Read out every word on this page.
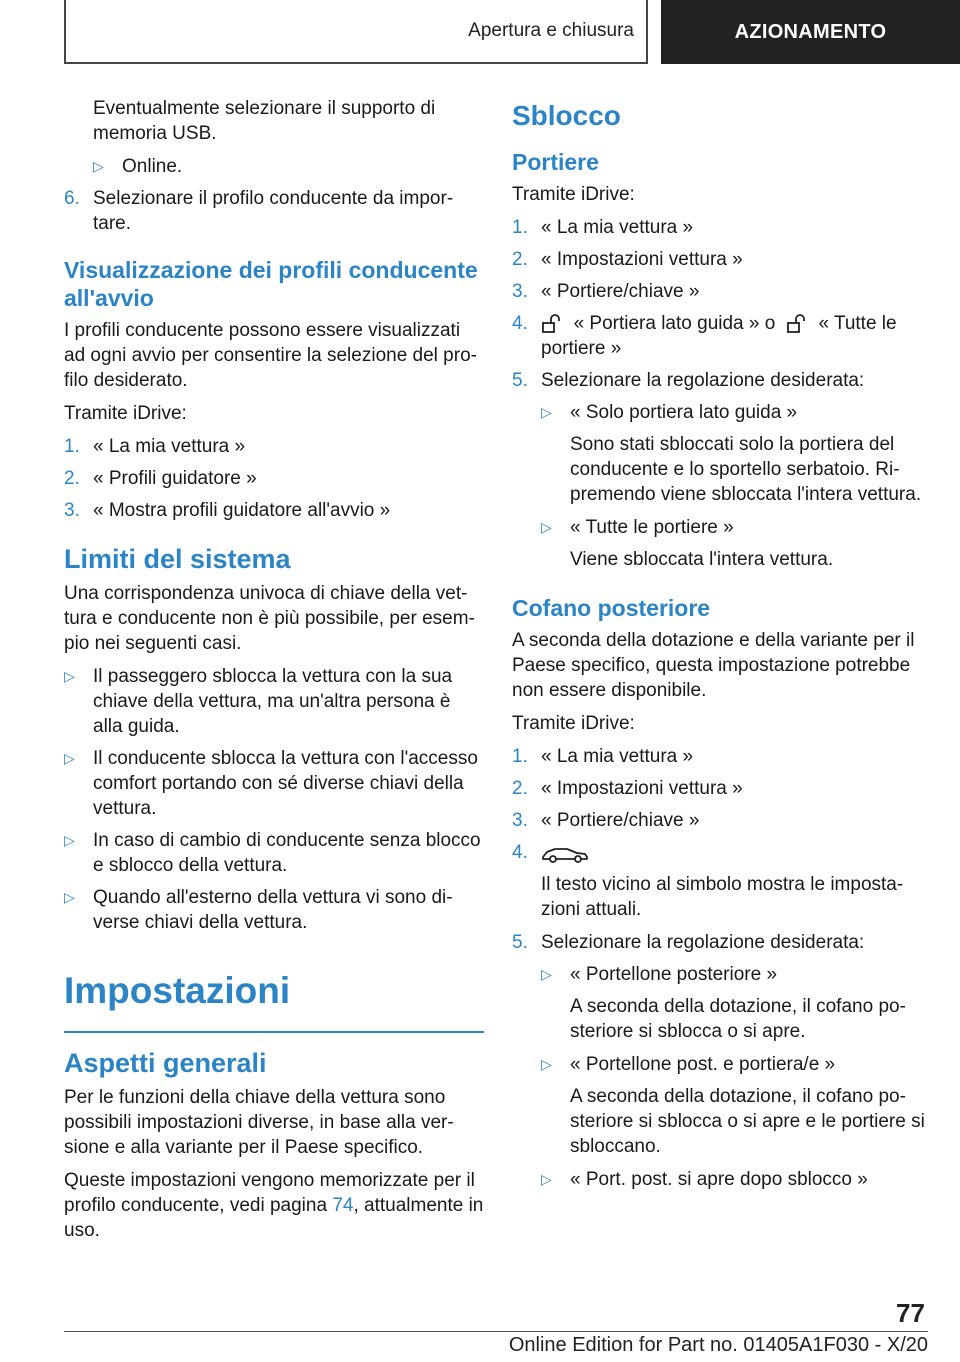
Apertura e chiusura	AZIONAMENTO

Eventualmente selezionare il supporto di memoria USB.

▷ Online.
6. Selezionare il profilo conducente da impor-tare.
Visualizzazione dei profili conducente all'avvio

I profili conducente possono essere visualizzati ad ogni avvio per consentire la selezione del pro-filo desiderato.

Tramite iDrive:

1. « La mia vettura »
2. « Profili guidatore »
3. « Mostra profili guidatore all'avvio »
Limiti del sistema

Una corrispondenza univoca di chiave della vet-tura e conducente non è più possibile, per esem-pio nei seguenti casi.

▷ Il passeggero sblocca la vettura con la sua chiave della vettura, ma un'altra persona è alla guida.
▷ Il conducente sblocca la vettura con l'accesso comfort portando con sé diverse chiavi della vettura.
▷ In caso di cambio di conducente senza blocco e sblocco della vettura.
▷ Quando all'esterno della vettura vi sono di-verse chiavi della vettura.
Impostazioni
Aspetti generali

Per le funzioni della chiave della vettura sono possibili impostazioni diverse, in base alla ver-sione e alla variante per il Paese specifico.

Queste impostazioni vengono memorizzate per il profilo conducente, vedi pagina 74, attualmente in uso.

Sblocco
Portiere

Tramite iDrive:

1. « La mia vettura »
2. « Impostazioni vettura »
3. « Portiere/chiave »
4.	« Portiera lato guida » o « Tutte le portiere »
5. Selezionare la regolazione desiderata:
▷ « Solo portiera lato guida »

Sono stati sbloccati solo la portiera del conducente e lo sportello serbatoio. Ri-premendo viene sbloccata l'intera vettura.

▷ « Tutte le portiere »

Viene sbloccata l'intera vettura.

Cofano posteriore

A seconda della dotazione e della variante per il Paese specifico, questa impostazione potrebbe non essere disponibile.

Tramite iDrive:

1. « La mia vettura »
2. « Impostazioni vettura »
3. « Portiere/chiave »
4.

Il testo vicino al simbolo mostra le imposta-zioni attuali.

5. Selezionare la regolazione desiderata:
▷ « Portellone posteriore »

A seconda della dotazione, il cofano po-steriore si sblocca o si apre.

▷ « Portellone post. e portiera/e »

A seconda della dotazione, il cofano po-steriore si sblocca o si apre e le portiere si sbloccano.

▷ « Port. post. si apre dopo sblocco »
77
Online Edition for Part no. 01405A1F030 - X/20
